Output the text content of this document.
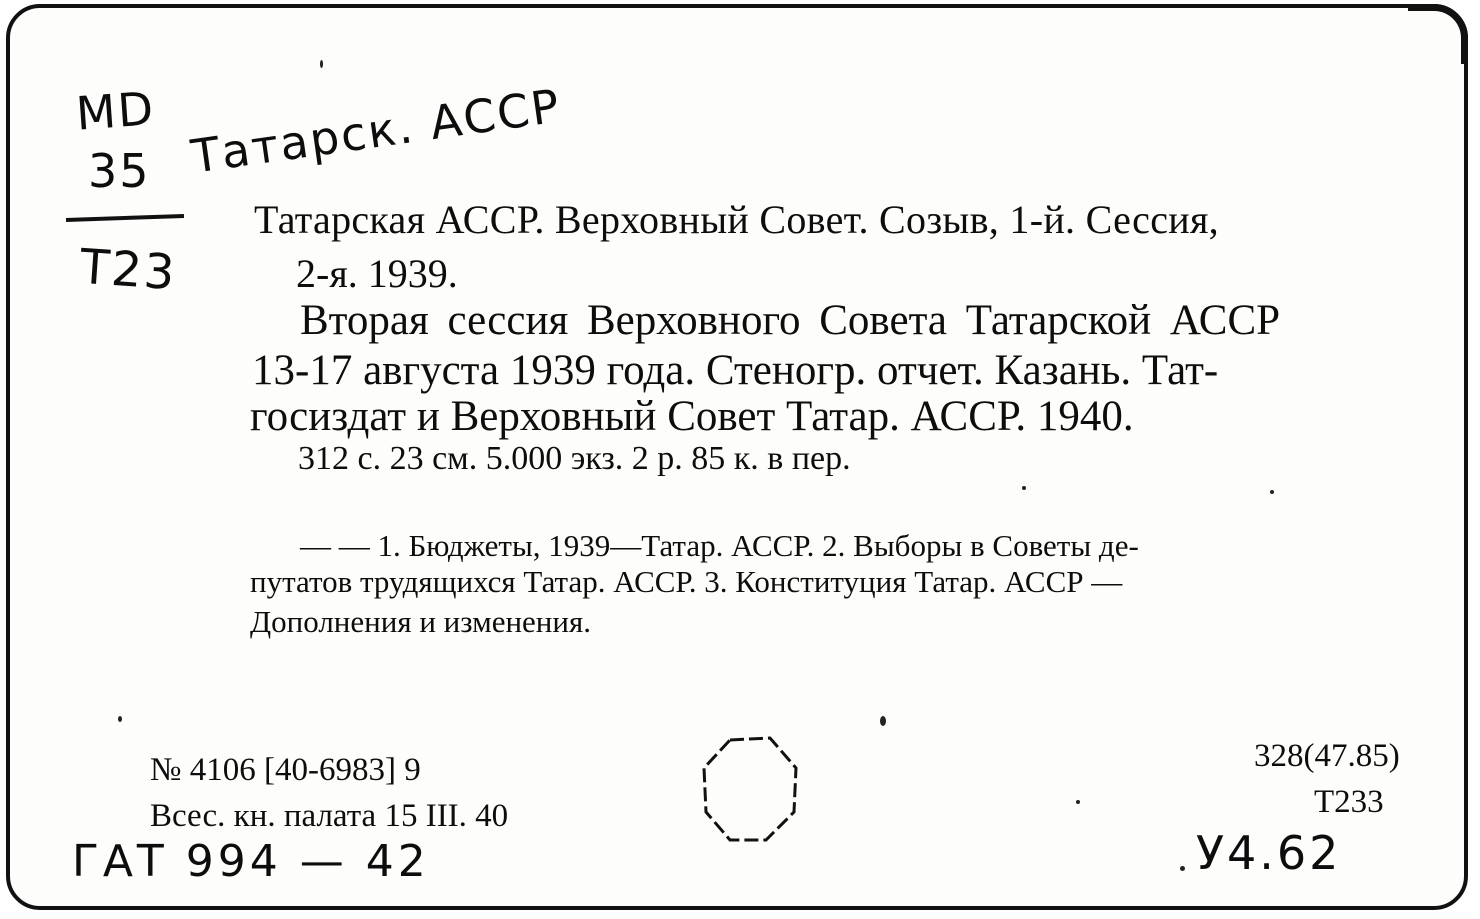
MD
35
T23
Татарск. АССР
Татарская АССР. Верховный Совет. Созыв, 1-й. Сессия,
2-я. 1939.
Вторая сессия Верховного Совета Татарской АССР
13-17 августа 1939 года. Стеногр. отчет. Казань. Тат-
госиздат и Верховный Совет Татар. АССР. 1940.
312 с. 23 см. 5.000 экз. 2 р. 85 к. в пер.
— — 1. Бюджеты, 1939—Татар. АССР. 2. Выборы в Советы де-
путатов трудящихся Татар. АССР. 3. Конституция Татар. АССР —
Дополнения и изменения.
№ 4106 [40-6983] 9
Всес. кн. палата 15 III. 40
328(47.85)
Т233
ГАТ 994 — 42	У4.62
